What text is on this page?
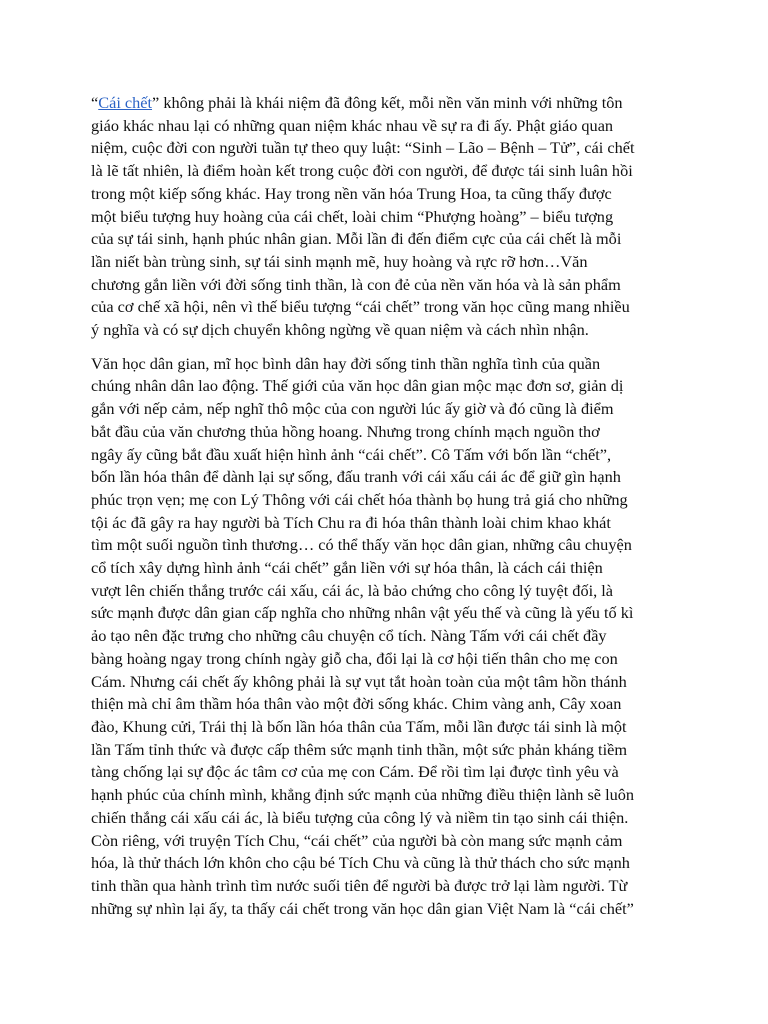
“Cái chết” không phải là khái niệm đã đông kết, mỗi nền văn minh với những tôn
giáo khác nhau lại có những quan niệm khác nhau về sự ra đi ấy. Phật giáo quan
niệm, cuộc đời con người tuần tự theo quy luật: “Sinh – Lão – Bệnh – Tử”, cái chết
là lẽ tất nhiên, là điểm hoàn kết trong cuộc đời con người, để được tái sinh luân hồi
trong một kiếp sống khác. Hay trong nền văn hóa Trung Hoa, ta cũng thấy được
một biểu tượng huy hoàng của cái chết, loài chim “Phượng hoàng” – biểu tượng
của sự tái sinh, hạnh phúc nhân gian. Mỗi lần đi đến điểm cực của cái chết là mỗi
lần niết bàn trùng sinh, sự tái sinh mạnh mẽ, huy hoàng và rực rỡ hơn…Văn
chương gắn liền với đời sống tinh thần, là con đẻ của nền văn hóa và là sản phẩm
của cơ chế xã hội, nên vì thế biểu tượng “cái chết” trong văn học cũng mang nhiều
ý nghĩa và có sự dịch chuyển không ngừng về quan niệm và cách nhìn nhận.
Văn học dân gian, mĩ học bình dân hay đời sống tinh thần nghĩa tình của quần
chúng nhân dân lao động. Thế giới của văn học dân gian mộc mạc đơn sơ, giản dị
gắn với nếp cảm, nếp nghĩ thô mộc của con người lúc ấy giờ và đó cũng là điểm
bắt đầu của văn chương thủa hồng hoang. Nhưng trong chính mạch nguồn thơ
ngây ấy cũng bắt đầu xuất hiện hình ảnh “cái chết”. Cô Tấm với bốn lần “chết”,
bốn lần hóa thân để dành lại sự sống, đấu tranh với cái xấu cái ác để giữ gìn hạnh
phúc trọn vẹn; mẹ con Lý Thông với cái chết hóa thành bọ hung trả giá cho những
tội ác đã gây ra hay người bà Tích Chu ra đi hóa thân thành loài chim khao khát
tìm một suối nguồn tình thương… có thể thấy văn học dân gian, những câu chuyện
cổ tích xây dựng hình ảnh “cái chết” gắn liền với sự hóa thân, là cách cái thiện
vượt lên chiến thắng trước cái xấu, cái ác, là bảo chứng cho công lý tuyệt đối, là
sức mạnh được dân gian cấp nghĩa cho những nhân vật yếu thế và cũng là yếu tố kì
ảo tạo nên đặc trưng cho những câu chuyện cổ tích. Nàng Tấm với cái chết đầy
bàng hoàng ngay trong chính ngày giỗ cha, đổi lại là cơ hội tiến thân cho mẹ con
Cám. Nhưng cái chết ấy không phải là sự vụt tắt hoàn toàn của một tâm hồn thánh
thiện mà chỉ âm thầm hóa thân vào một đời sống khác. Chim vàng anh, Cây xoan
đào, Khung cửi, Trái thị là bốn lần hóa thân của Tấm, mỗi lần được tái sinh là một
lần Tấm tỉnh thức và được cấp thêm sức mạnh tinh thần, một sức phản kháng tiềm
tàng chống lại sự độc ác tâm cơ của mẹ con Cám. Để rồi tìm lại được tình yêu và
hạnh phúc của chính mình, khẳng định sức mạnh của những điều thiện lành sẽ luôn
chiến thắng cái xấu cái ác, là biểu tượng của công lý và niềm tin tạo sinh cái thiện.
Còn riêng, với truyện Tích Chu, “cái chết” của người bà còn mang sức mạnh cảm
hóa, là thử thách lớn khôn cho cậu bé Tích Chu và cũng là thử thách cho sức mạnh
tinh thần qua hành trình tìm nước suối tiên để người bà được trở lại làm người. Từ
những sự nhìn lại ấy, ta thấy cái chết trong văn học dân gian Việt Nam là “cái chết”
